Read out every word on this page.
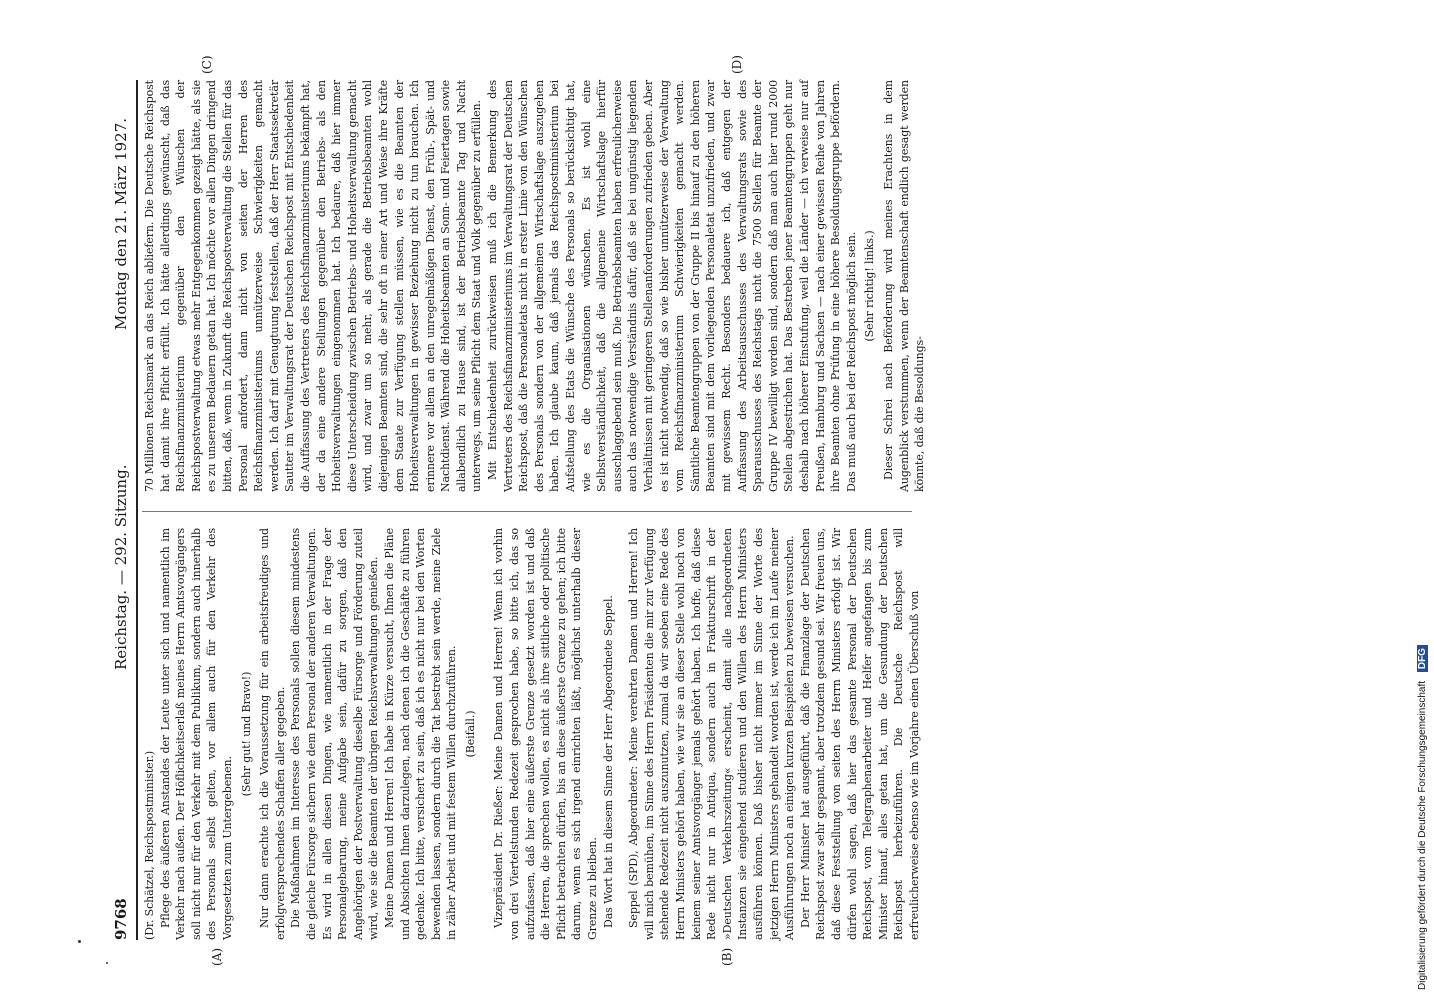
9768
Reichstag. — 292. Sitzung.
Montag den 21. März 1927.

(Dr. Schätzel, Reichspostminister.) Pflege des äußeren Anstandes der Leute unter sich und namentlich im Verkehr nach außen. Der Höflichkeitserlaß meines Herrn Amtsvorgängers soll nicht nur für den Verkehr mit dem Publikum, sondern auch innerhalb des Personals selbst gelten, vor allem auch für den Verkehr des Vorgesetzten zum Untergebenen.

(Sehr gut! und Bravo!) Nur dann erachte ich die Voraussetzung für ein arbeitsfreudiges und erfolgversprechendes Schaffen aller gegeben. Die Maßnahmen im Interesse des Personals sollen diesem mindestens die gleiche Fürsorge sichern wie dem Personal der anderen Verwaltungen. Es wird in allen diesen Dingen, wie namentlich in der Frage der Personalgebarung, meine Aufgabe sein, dafür zu sorgen, daß den Angehörigen der Postverwaltung dieselbe Fürsorge und Förderung zuteil wird, wie sie die Beamten der übrigen Reichsverwaltungen genießen. Meine Damen und Herren! Ich habe in Kürze versucht, Ihnen die Pläne und Absichten Ihnen darzulegen, nach denen ich die Geschäfte zu führen gedenke. Ich bitte, versichert zu sein, daß ich es nicht nur bei den Worten bewenden lassen, sondern durch die Tat bestrebt sein werde, meine Ziele in zäher Arbeit und mit festem Willen durchzuführen. (Beifall.) Vizepräsident Dr. Rießer: Meine Damen und Herren! Wenn ich vorhin von drei Viertelstunden Redezeit gesprochen habe, so bitte ich, das so aufzufassen, daß hier eine äußerste Grenze gesetzt worden ist und daß die Herren, die sprechen wollen, es nicht als ihre sittliche oder politische Pflicht betrachten dürfen, bis an diese äußerste Grenze zu gehen; ich bitte darum, wenn es sich irgend einrichten läßt, möglichst unterhalb dieser Grenze zu bleiben. Das Wort hat in diesem Sinne der Herr Abgeordnete Seppel. Seppel (SPD), Abgeordneter: Meine verehrten Damen und Herren! Ich will mich bemühen, im Sinne des Herrn Präsidenten die mir zur Verfügung stehende Redezeit nicht auszunutzen, zumal da wir soeben eine Rede des Herrn Ministers gehört haben, wie wir sie an dieser Stelle wohl noch von keinem seiner Amtsvorgänger jemals gehört haben. Ich hoffe, daß diese Rede nicht nur in Antiqua, sondern auch in Frakturschrift in der »Deutschen Verkehrszeitung« erscheint, damit alle nachgeordneten Instanzen sie eingehend studieren und den Willen des Herrn Ministers ausführen können. Daß bisher nicht immer im Sinne der Worte des jetzigen Herrn Ministers gehandelt worden ist, werde ich im Laufe meiner Ausführungen noch an einigen kurzen Beispielen zu beweisen versuchen. Der Herr Minister hat ausgeführt, daß die Finanzlage der Deutschen Reichspost zwar sehr gespannt, aber trotzdem gesund sei. Wir freuen uns, daß diese Feststellung von seiten des Herrn Ministers erfolgt ist. Wir dürfen wohl sagen, daß hier das gesamte Personal der Deutschen Reichspost, vom Telegraphenarbeiter und Helfer angefangen bis zum Minister hinauf, alles getan hat, um die Gesundung der Deutschen Reichspost herbeizuführen. Die Deutsche Reichspost will erfreulicherweise ebenso wie im Vorjahre einen Überschuß von

70 Millionen Reichsmark an das Reich abliefern. Die Deutsche Reichspost hat damit ihre Pflicht erfüllt. Ich hätte allerdings gewünscht, daß das Reichsfinanzministerium gegenüber den Wünschen der Reichspostverwaltung etwas mehr Entgegenkommen gezeigt hätte, als sie es zu unserem Bedauern getan hat. Ich möchte vor allen Dingen dringend bitten, daß, wenn in Zukunft die Reichspostverwaltung die Stellen für das Personal anfordert, dann nicht von seiten der Herren des Reichsfinanzministeriums unnützerweise Schwierigkeiten gemacht werden. Ich darf mit Genugtuung feststellen, daß der Herr Staatssekretär Sautter im Verwaltungsrat der Deutschen Reichspost mit Entschiedenheit die Auffassung des Vertreters des Reichsfinanzministeriums bekämpft hat, der da eine andere Stellungen gegenüber den Betriebs- als den Hoheitsverwaltungen eingenommen hat. Ich bedaure, daß hier immer diese Unterscheidung zwischen Betriebs- und Hoheitsverwaltung gemacht wird, und zwar um so mehr, als gerade die Betriebsbeamten wohl diejenigen Beamten sind, die sehr oft in einer Art und Weise ihre Kräfte dem Staate zur Verfügung stellen müssen, wie es die Beamten der Hoheitsverwaltungen in gewisser Beziehung nicht zu tun brauchen. Ich erinnere vor allem an den unregelmäßigen Dienst, den Früh-, Spät- und Nachtdienst. Während die Hoheitsbeamten an Sonn- und Feiertagen sowie allabendlich zu Hause sind, ist der Betriebsbeamte Tag und Nacht unterwegs, um seine Pflicht dem Staat und Volk gegenüber zu erfüllen. Mit Entschiedenheit zurückweisen muß ich die Bemerkung des Vertreters des Reichsfinanzministeriums im Verwaltungsrat der Deutschen Reichspost, daß die Personaletats nicht in erster Linie von den Wünschen des Personals sondern von der allgemeinen Wirtschaftslage auszugehen haben. Ich glaube kaum, daß jemals das Reichspostministerium bei Aufstellung des Etats die Wünsche des Personals so berücksichtigt hat, wie es die Organisationen wünschen. Es ist wohl eine Selbstverständlichkeit, daß die allgemeine Wirtschaftslage hierfür ausschlaggebend sein muß. Die Betriebsbeamten haben erfreulicherweise auch das notwendige Verständnis dafür, daß sie bei ungünstig liegenden Verhältnissen mit geringeren Stellenanforderungen zufrieden geben. Aber es ist nicht notwendig, daß so wie bisher unnützerweise der Verwaltung vom Reichsfinanzministerium Schwierigkeiten gemacht werden. Sämtliche Beamtengruppen von der Gruppe II bis hinauf zu den höheren Beamten sind mit dem vorliegenden Personaletat unzufrieden, und zwar mit gewissem Recht. Besonders bedauere ich, daß entgegen der Auffassung des Arbeitsausschusses des Verwaltungsrats sowie des Sparausschusses des Reichstags nicht die 7500 Stellen für Beamte der Gruppe IV bewilligt worden sind, sondern daß man auch hier rund 2000 Stellen abgestrichen hat. Das Bestreben jener Beamtengruppen geht nur deshalb nach höherer Einstufung, weil die Länder — ich verweise nur auf Preußen, Hamburg und Sachsen — nach einer gewissen Reihe von Jahren ihre Beamten ohne Prüfung in eine höhere Besoldungsgruppe befördern. Das muß auch bei der Reichspost möglich sein. (Sehr richtig! links.) Dieser Schrei nach Beförderung wird meines Erachtens in dem Augenblick verstummen, wenn der Beamtenschaft endlich gesagt werden könnte, daß die Besoldungs-

(A)	(B)
(C)	(D)
Digitalisierung gefördert durch die Deutsche Forschungsgemeinschaft DFG
